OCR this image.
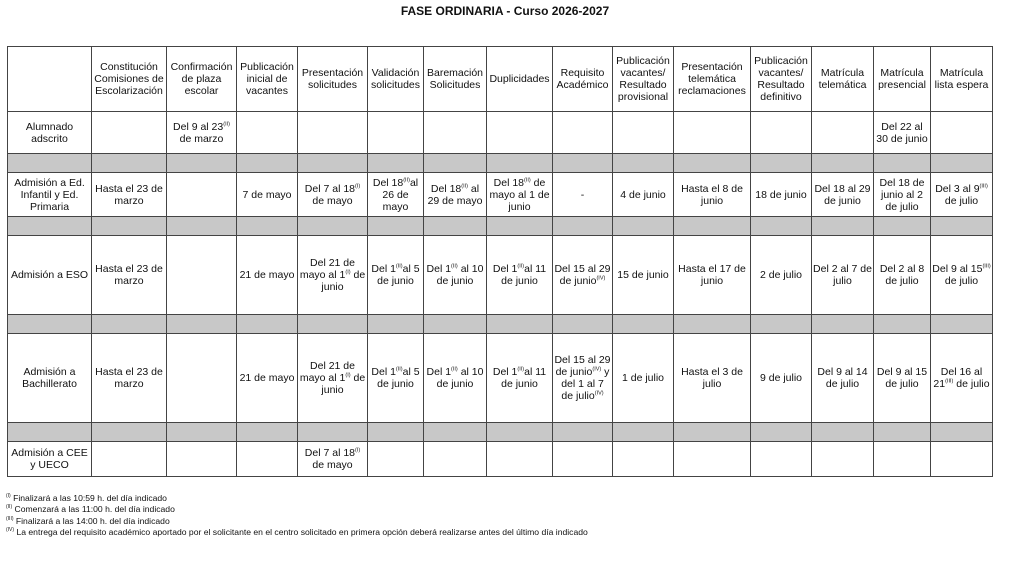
FASE ORDINARIA - Curso 2026-2027
	Constitución Comisiones de Escolarización	Confirmación de plaza escolar	Publicación inicial de vacantes	Presentación solicitudes	Validación solicitudes	Baremación Solicitudes	Duplicidades	Requisito Académico	Publicación vacantes/ Resultado provisional	Presentación telemática reclamaciones	Publicación vacantes/ Resultado definitivo	Matrícula telemática	Matrícula presencial	Matrícula lista espera
Alumnado adscrito		Del 9 al $23^{(II)}$ de marzo											Del 22 al 30 de junio	

Admisión a Ed. Infantil y Ed. Primaria	Hasta el 23 de marzo		7 de mayo	Del 7 al $18^{(I)}$ de mayo	Del $18^{(II)}al$ 26 de mayo	Del $18^{(II)}$ al 29 de mayo	Del $18^{(II)}$ de mayo al 1 de junio	-	4 de junio	Hasta el 8 de junio	18 de junio	Del 18 al 29 de junio	Del 18 de junio al 2 de julio	Del 3 al $9^{(III)}$ de julio

Admisión a ESO	Hasta el 23 de marzo		21 de mayo	Del 21 de mayo al $1^{(I)}$ de junio	Del $1^{(II)}al$ 5 de junio	Del $1^{(II)}$ al 10 de junio	Del $1^{(II)}al$ 11 de junio	Del 15 al 29 de junio$^{(IV)}$	15 de junio	Hasta el 17 de junio	2 de julio	Del 2 al 7 de julio	Del 2 al 8 de julio	Del 9 al $15^{(III)}$ de julio

Admisión a Bachillerato	Hasta el 23 de marzo		21 de mayo	Del 21 de mayo al $1^{(I)}$ de junio	Del $1^{(II)}al$ 5 de junio	Del $1^{(II)}$ al 10 de junio	Del $1^{(II)}al$ 11 de junio	Del 15 al 29 de junio$^{(IV)}$ y del 1 al 7 de julio$^{(IV)}$	1 de julio	Hasta el 3 de julio	9 de julio	Del 9 al 14 de julio	Del 9 al 15 de julio	Del 16 al $21^{(III)}$ de julio

Admisión a CEE y UECO				Del 7 al $18^{(I)}$ de mayo										
$^{(I)}$ Finalizará a las 10:59 h. del día indicado
$^{(II)}$ Comenzará a las 11:00 h. del día indicado
$^{(III)}$ Finalizará a las 14:00 h. del día indicado
$^{(IV)}$ La entrega del requisito académico aportado por el solicitante en el centro solicitado en primera opción deberá realizarse antes del último día indicado
